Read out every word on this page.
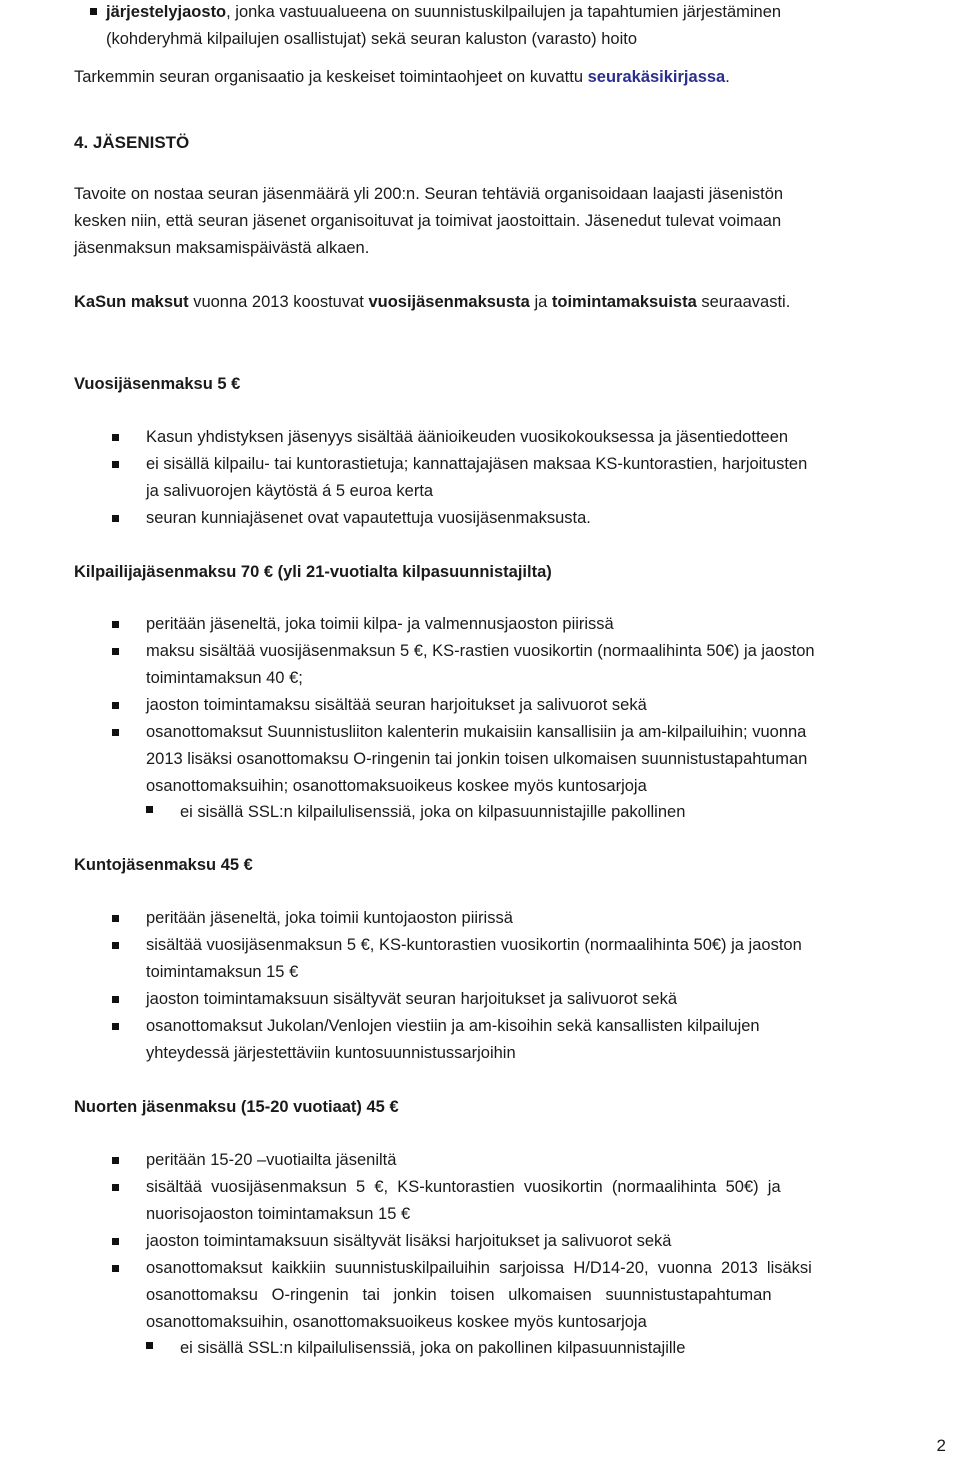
järjestelyjaosto, jonka vastuualueena on suunnistuskilpailujen ja tapahtumien järjestäminen
(kohderyhmä kilpailujen osallistujat) sekä seuran kaluston (varasto) hoito
Tarkemmin seuran organisaatio ja keskeiset toimintaohjeet on kuvattu seurakäsikirjassa.
4. JÄSENISTÖ
Tavoite on nostaa seuran jäsenmäärä yli 200:n. Seuran tehtäviä organisoidaan laajasti jäsenistön
kesken niin, että seuran jäsenet organisoituvat ja toimivat jaostoittain. Jäsenedut tulevat voimaan
jäsenmaksun maksamispäivästä alkaen.
KaSun maksut vuonna 2013 koostuvat vuosijäsenmaksusta ja toimintamaksuista seuraavasti.
Vuosijäsenmaksu 5 €
Kasun yhdistyksen jäsenyys sisältää äänioikeuden vuosikokouksessa ja jäsentiedotteen
ei sisällä kilpailu- tai kuntorastietuja; kannattajajäsen maksaa KS-kuntorastien, harjoitusten
ja salivuorojen käytöstä á 5 euroa kerta
seuran kunniajäsenet ovat vapautettuja vuosijäsenmaksusta.
Kilpailijajäsenmaksu 70 € (yli 21-vuotialta kilpasuunnistajilta)
peritään jäseneltä, joka toimii kilpa- ja valmennusjaoston piirissä
maksu sisältää vuosijäsenmaksun 5 €, KS-rastien vuosikortin (normaalihinta 50€) ja jaoston
toimintamaksun 40 €;
jaoston toimintamaksu sisältää seuran harjoitukset ja salivuorot sekä
osanottomaksut Suunnistusliiton kalenterin mukaisiin kansallisiin ja am-kilpailuihin; vuonna
2013 lisäksi osanottomaksu O-ringenin tai jonkin toisen ulkomaisen suunnistustapahtuman
osanottomaksuihin; osanottomaksuoikeus koskee myös kuntosarjoja
ei sisällä SSL:n kilpailulisenssiä, joka on kilpasuunnistajille pakollinen
Kuntojäsenmaksu 45 €
peritään jäseneltä, joka toimii kuntojaoston piirissä
sisältää vuosijäsenmaksun 5 €, KS-kuntorastien vuosikortin (normaalihinta 50€) ja jaoston
toimintamaksun 15 €
jaoston toimintamaksuun sisältyvät seuran harjoitukset ja salivuorot sekä
osanottomaksut Jukolan/Venlojen viestiin ja am-kisoihin sekä kansallisten kilpailujen
yhteydessä järjestettäviin kuntosuunnistussarjoihin
Nuorten jäsenmaksu (15-20 vuotiaat) 45 €
peritään 15-20 –vuotiailta jäseniltä
sisältää  vuosijäsenmaksun  5  €,  KS-kuntorastien  vuosikortin  (normaalihinta  50€)  ja
nuorisojaoston toimintamaksun 15 €
jaoston toimintamaksuun sisältyvät lisäksi harjoitukset ja salivuorot sekä
osanottomaksut  kaikkiin  suunnistuskilpailuihin  sarjoissa  H/D14-20,  vuonna  2013  lisäksi
osanottomaksu   O-ringenin   tai   jonkin   toisen   ulkomaisen   suunnistustapahtuman
osanottomaksuihin, osanottomaksuoikeus koskee myös kuntosarjoja
ei sisällä SSL:n kilpailulisenssiä, joka on pakollinen kilpasuunnistajille
2
